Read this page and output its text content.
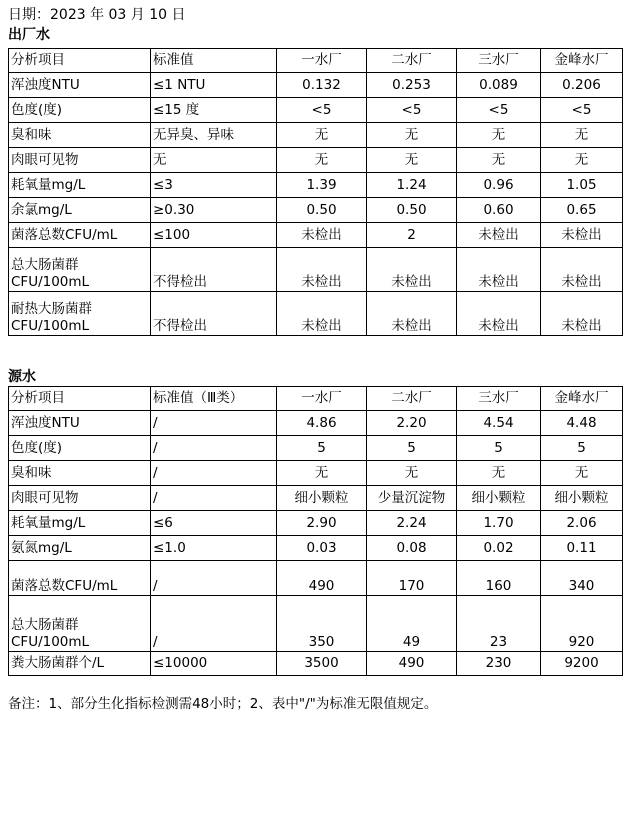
日期：2023 年 03 月 10 日
出厂水
分析项目	标准值	一水厂	二水厂	三水厂	金峰水厂
浑浊度NTU	≤1 NTU	0.132	0.253	0.089	0.206
色度(度)	≤15 度	<5	<5	<5	<5
臭和味	无异臭、异味	无	无	无	无
肉眼可见物	无	无	无	无	无
耗氧量mg/L	≤3	1.39	1.24	0.96	1.05
余氯mg/L	≥0.30	0.50	0.50	0.60	0.65
菌落总数CFU/mL	≤100	未检出	2	未检出	未检出
总大肠菌群
CFU/100mL	不得检出	未检出	未检出	未检出	未检出
耐热大肠菌群
CFU/100mL	不得检出	未检出	未检出	未检出	未检出
源水
分析项目	标准值（Ⅲ类）	一水厂	二水厂	三水厂	金峰水厂
浑浊度NTU	/	4.86	2.20	4.54	4.48
色度(度)	/	5	5	5	5
臭和味	/	无	无	无	无
肉眼可见物	/	细小颗粒	少量沉淀物	细小颗粒	细小颗粒
耗氧量mg/L	≤6	2.90	2.24	1.70	2.06
氨氮mg/L	≤1.0	0.03	0.08	0.02	0.11
菌落总数CFU/mL	/	490	170	160	340
总大肠菌群
CFU/100mL	/	350	49	23	920
粪大肠菌群个/L	≤10000	3500	490	230	9200
备注：1、部分生化指标检测需48小时；2、表中"/"为标准无限值规定。
